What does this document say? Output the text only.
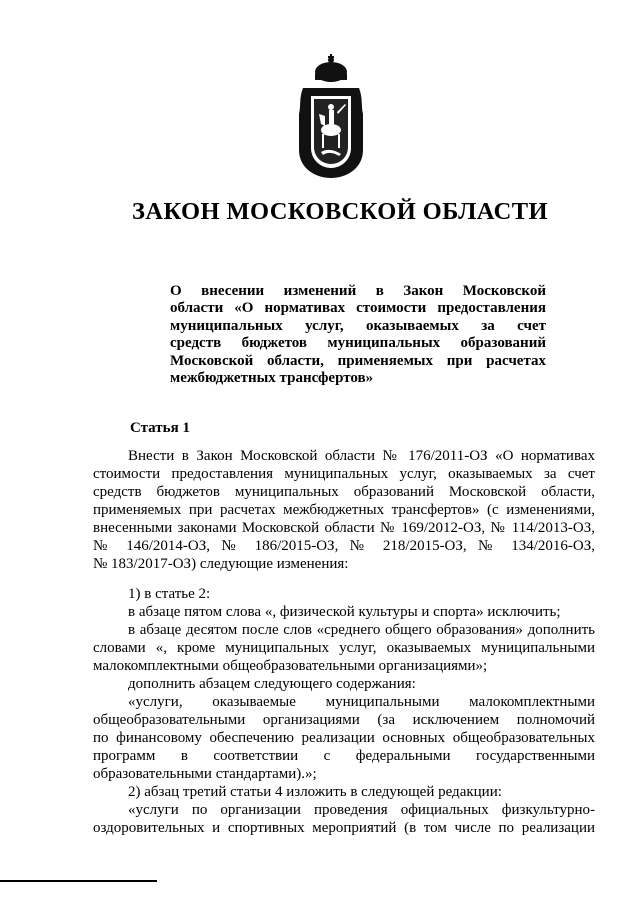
ЗАКОН МОСКОВСКОЙ ОБЛАСТИ
О внесении изменений в Закон Московской
области «О нормативах стоимости предоставления
муниципальных услуг, оказываемых за счет
средств бюджетов муниципальных образований
Московской области, применяемых при расчетах
межбюджетных трансфертов»
Статья 1
Внести в Закон Московской области № 176/2011-ОЗ «О нормативах
стоимости предоставления муниципальных услуг, оказываемых за счет
средств бюджетов муниципальных образований Московской области,
применяемых при расчетах межбюджетных трансфертов» (с изменениями,
внесенными законами Московской области № 169/2012-ОЗ, № 114/2013-ОЗ,
№ 146/2014-ОЗ, № 186/2015-ОЗ, № 218/2015-ОЗ, № 134/2016-ОЗ,
№ 183/2017-ОЗ) следующие изменения:
1) в статье 2:
в абзаце пятом слова «, физической культуры и спорта» исключить;
в абзаце десятом после слов «среднего общего образования» дополнить
словами «, кроме муниципальных услуг, оказываемых муниципальными
малокомплектными общеобразовательными организациями»;
дополнить абзацем следующего содержания:
«услуги, оказываемые муниципальными малокомплектными
общеобразовательными организациями (за исключением полномочий
по финансовому обеспечению реализации основных общеобразовательных
программ в соответствии с федеральными государственными
образовательными стандартами).»;
2) абзац третий статьи 4 изложить в следующей редакции:
«услуги по организации проведения официальных физкультурно-
оздоровительных и спортивных мероприятий (в том числе по реализации
